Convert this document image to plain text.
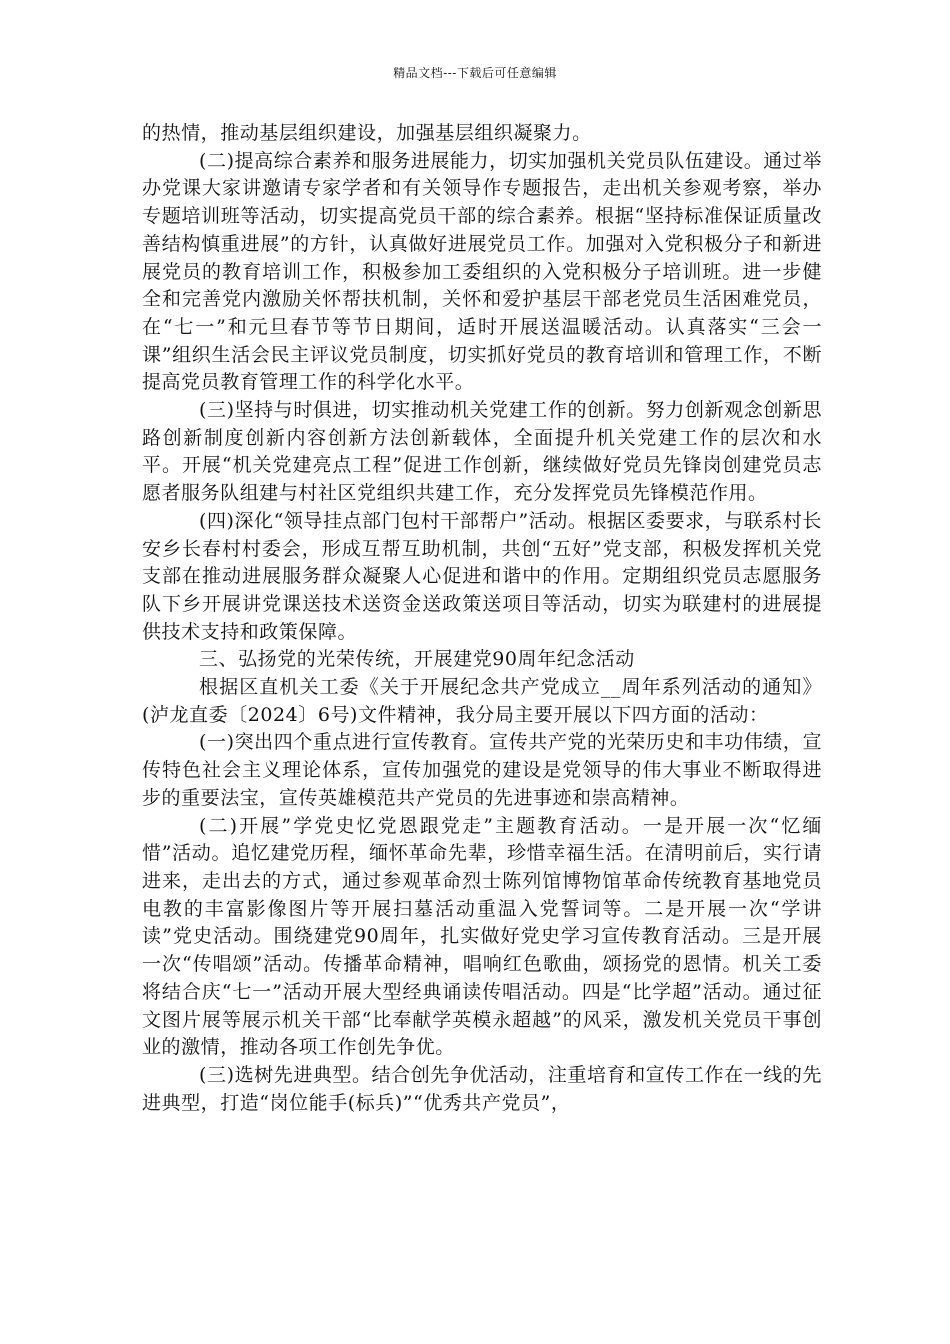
精品文档---下载后可任意编辑

的热情，推动基层组织建设，加强基层组织凝聚力。

(二)提高综合素养和服务进展能力，切实加强机关党员队伍建设。通过举办党课大家讲邀请专家学者和有关领导作专题报告，走出机关参观考察，举办专题培训班等活动，切实提高党员干部的综合素养。根据“坚持标准保证质量改善结构慎重进展”的方针，认真做好进展党员工作。加强对入党积极分子和新进展党员的教育培训工作，积极参加工委组织的入党积极分子培训班。进一步健全和完善党内激励关怀帮扶机制，关怀和爱护基层干部老党员生活困难党员，在“七一”和元旦春节等节日期间，适时开展送温暖活动。认真落实“三会一课”组织生活会民主评议党员制度，切实抓好党员的教育培训和管理工作，不断提高党员教育管理工作的科学化水平。

(三)坚持与时俱进，切实推动机关党建工作的创新。努力创新观念创新思路创新制度创新内容创新方法创新载体，全面提升机关党建工作的层次和水平。开展“机关党建亮点工程”促进工作创新，继续做好党员先锋岗创建党员志愿者服务队组建与村社区党组织共建工作，充分发挥党员先锋模范作用。

(四)深化“领导挂点部门包村干部帮户”活动。根据区委要求，与联系村长安乡长春村村委会，形成互帮互助机制，共创“五好”党支部，积极发挥机关党支部在推动进展服务群众凝聚人心促进和谐中的作用。定期组织党员志愿服务队下乡开展讲党课送技术送资金送政策送项目等活动，切实为联建村的进展提供技术支持和政策保障。

三、弘扬党的光荣传统，开展建党90周年纪念活动

根据区直机关工委《关于开展纪念共产党成立__周年系列活动的通知》(泸龙直委〔2024〕6号)文件精神，我分局主要开展以下四方面的活动：

(一)突出四个重点进行宣传教育。宣传共产党的光荣历史和丰功伟绩，宣传特色社会主义理论体系，宣传加强党的建设是党领导的伟大事业不断取得进步的重要法宝，宣传英雄模范共产党员的先进事迹和崇高精神。

(二)开展”学党史忆党恩跟党走”主题教育活动。一是开展一次“忆缅惜”活动。追忆建党历程，缅怀革命先辈，珍惜幸福生活。在清明前后，实行请进来，走出去的方式，通过参观革命烈士陈列馆博物馆革命传统教育基地党员电教的丰富影像图片等开展扫墓活动重温入党誓词等。二是开展一次“学讲读”党史活动。围绕建党90周年，扎实做好党史学习宣传教育活动。三是开展一次“传唱颂”活动。传播革命精神，唱响红色歌曲，颂扬党的恩情。机关工委将结合庆“七一”活动开展大型经典诵读传唱活动。四是“比学超”活动。通过征文图片展等展示机关干部“比奉献学英模永超越”的风采，激发机关党员干事创业的激情，推动各项工作创先争优。

(三)选树先进典型。结合创先争优活动，注重培育和宣传工作在一线的先进典型，打造“岗位能手(标兵)”“优秀共产党员”，
